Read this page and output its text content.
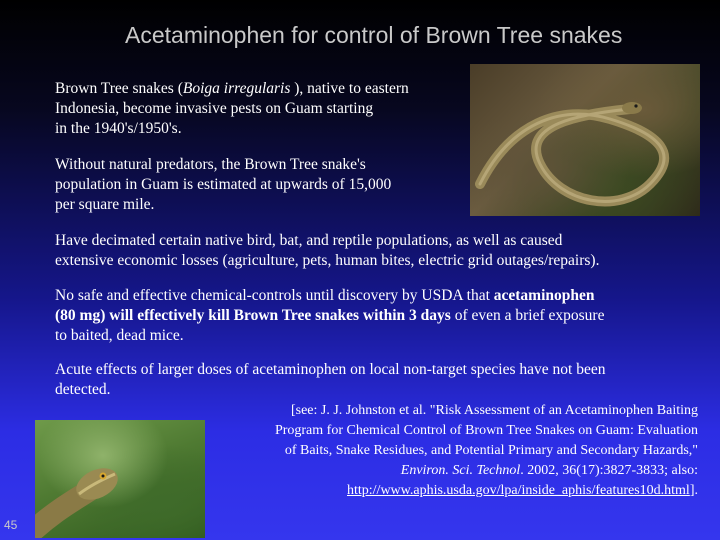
Acetaminophen for control of Brown Tree snakes
Brown Tree snakes (Boiga irregularis ), native to eastern
Indonesia, become invasive pests on Guam starting
in the 1940's/1950's.
Without natural predators, the Brown Tree snake's
population in Guam is estimated at upwards of 15,000
per square mile.
Have decimated certain native bird, bat, and reptile populations, as well as caused
extensive economic losses (agriculture, pets, human bites, electric grid outages/repairs).
No safe and effective chemical-controls until discovery by USDA that acetaminophen
(80 mg) will effectively kill Brown Tree snakes within 3 days of even a brief exposure
to baited, dead mice.
Acute effects of larger doses of acetaminophen on local non-target species have not been
detected.
[see: J. J. Johnston et al. "Risk Assessment of an Acetaminophen Baiting
Program for Chemical Control of Brown Tree Snakes on Guam: Evaluation
of Baits, Snake Residues, and Potential Primary and Secondary Hazards,"
Environ. Sci. Technol. 2002, 36(17):3827-3833; also:
http://www.aphis.usda.gov/lpa/inside_aphis/features10d.html].
45
